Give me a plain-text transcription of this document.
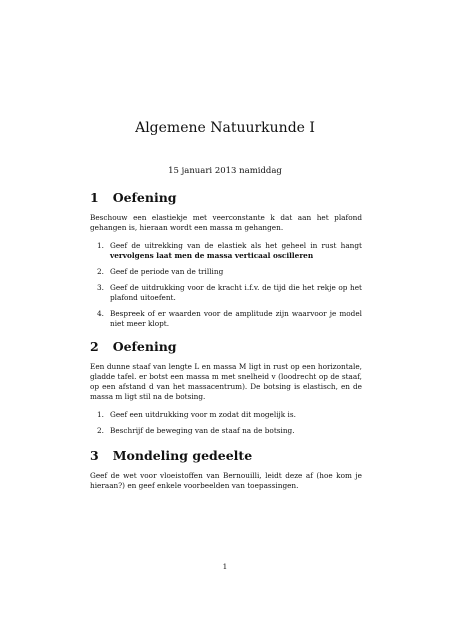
Algemene Natuurkunde I
15 januari 2013 namiddag
1 Oefening

Beschouw een elastiekje met veerconstante k dat aan het plafond gehangen is, hieraan wordt een massa m gehangen.

1. Geef de uitrekking van de elastiek als het geheel in rust hangt vervolgens laat men de massa verticaal oscilleren
2. Geef de periode van de trilling
3. Geef de uitdrukking voor de kracht i.f.v. de tijd die het rekje op het plafond uitoefent.
4. Bespreek of er waarden voor de amplitude zijn waarvoor je model niet meer klopt.
2 Oefening

Een dunne staaf van lengte L en massa M ligt in rust op een horizontale, gladde tafel. er botst een massa m met snelheid v (loodrecht op de staaf, op een afstand d van het massacentrum). De botsing is elastisch, en de massa m ligt stil na de botsing.

1. Geef een uitdrukking voor m zodat dit mogelijk is.
2. Beschrijf de beweging van de staaf na de botsing.
3 Mondeling gedeelte

Geef de wet voor vloeistoffen van Bernouilli, leidt deze af (hoe kom je hieraan?) en geef enkele voorbeelden van toepassingen.

1
